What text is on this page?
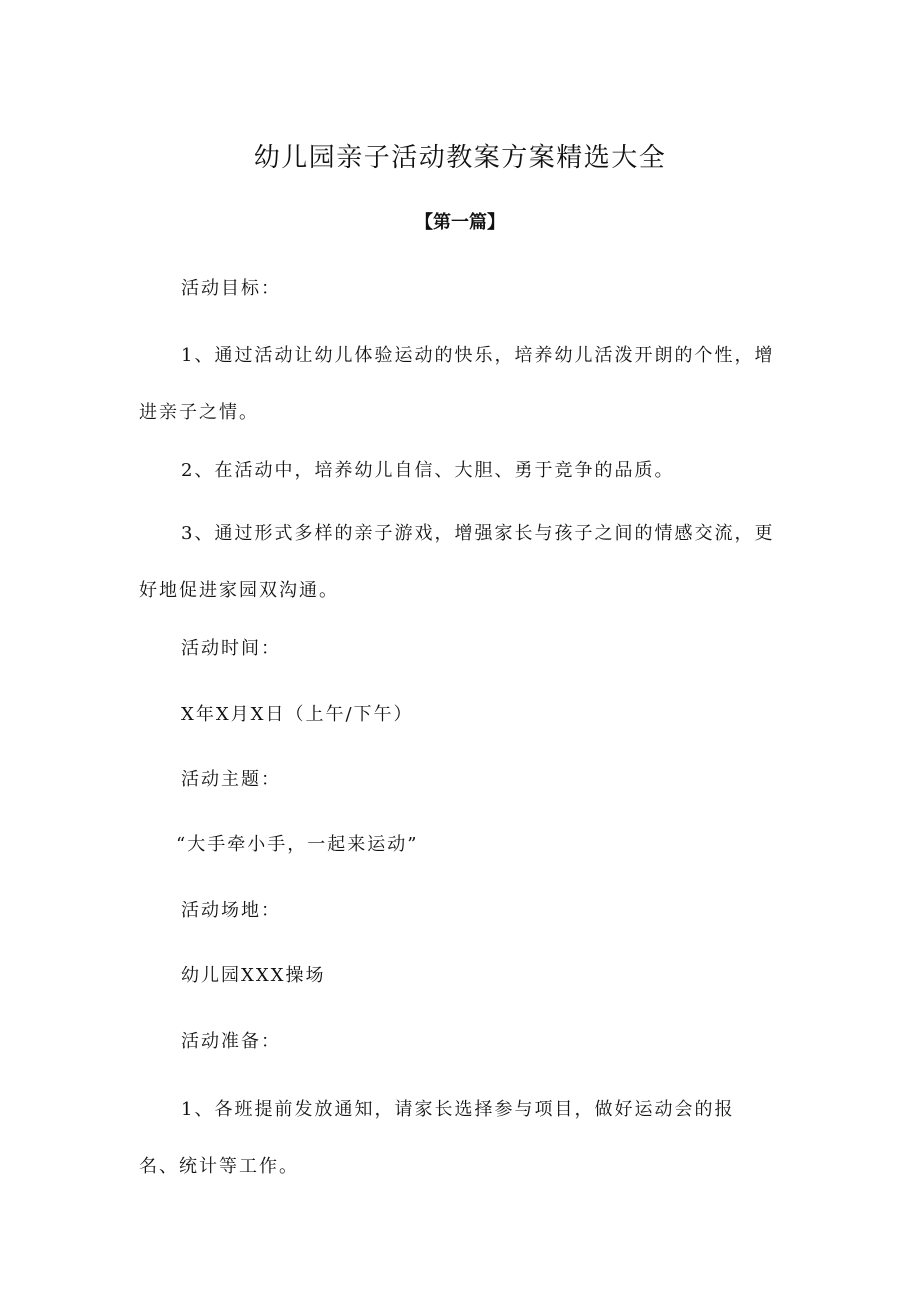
幼儿园亲子活动教案方案精选大全
【第一篇】

活动目标：

1、通过活动让幼儿体验运动的快乐，培养幼儿活泼开朗的个性，增进亲子之情。

2、在活动中，培养幼儿自信、大胆、勇于竞争的品质。

3、通过形式多样的亲子游戏，增强家长与孩子之间的情感交流，更好地促进家园双沟通。

活动时间：

X年X月X日（上午/下午）

活动主题：

“大手牵小手，一起来运动”

活动场地：

幼儿园XXX操场

活动准备：

1、各班提前发放通知，请家长选择参与项目，做好运动会的报名、统计等工作。
